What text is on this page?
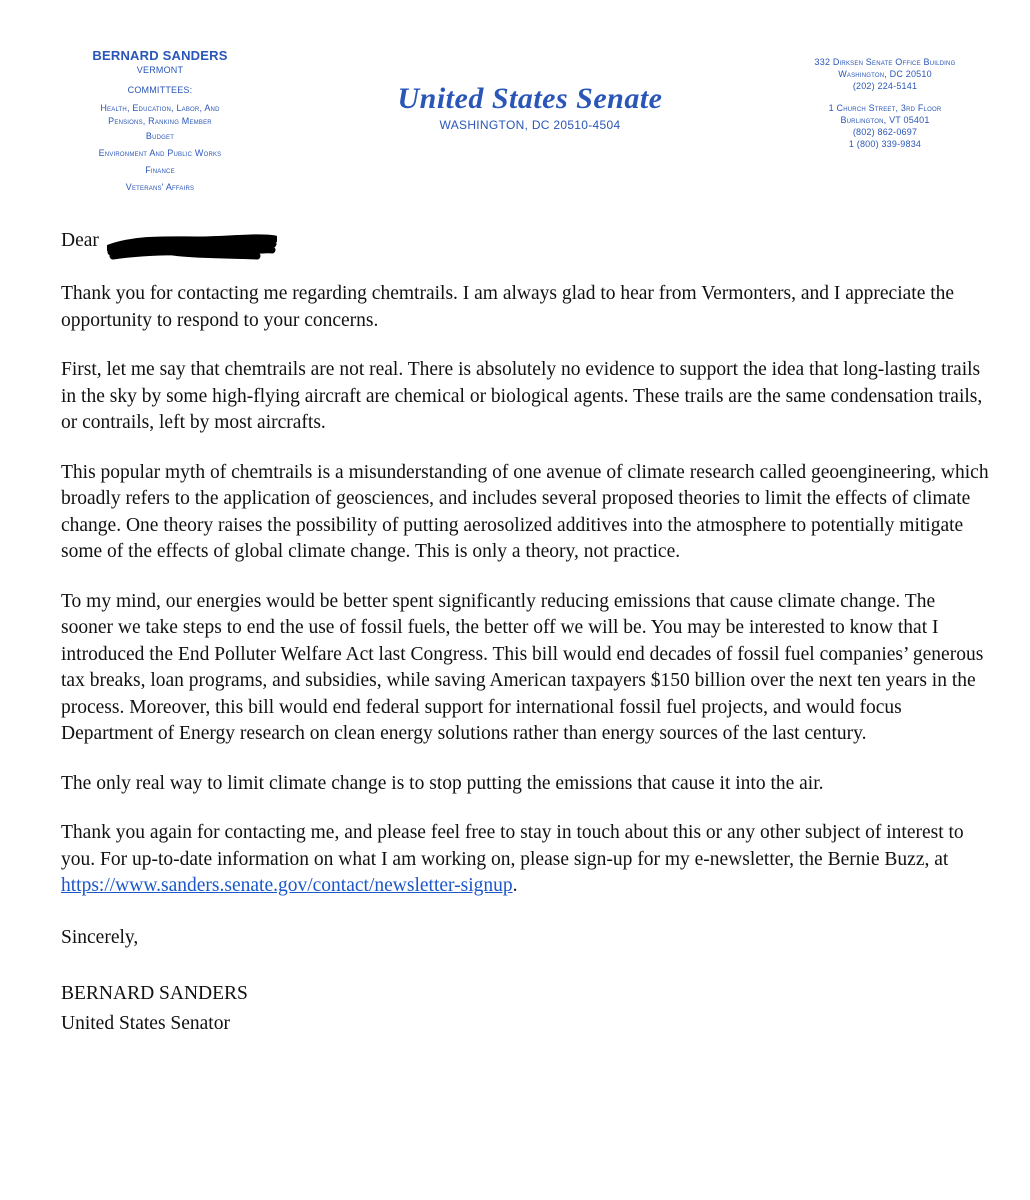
BERNARD SANDERS
VERMONT
COMMITTEES:
Health, Education, Labor, And
Pensions, Ranking Member
Budget
Environment And Public Works
Finance
Veterans' Affairs
United States Senate
WASHINGTON, DC 20510-4504
332 Dirksen Senate Office Building
Washington, DC 20510
(202) 224-5141
1 Church Street, 3rd Floor
Burlington, VT 05401
(802) 862-0697
1 (800) 339-9834
Dear

Thank you for contacting me regarding chemtrails. I am always glad to hear from Vermonters, and I appreciate the opportunity to respond to your concerns.

First, let me say that chemtrails are not real. There is absolutely no evidence to support the idea that long-lasting trails in the sky by some high-flying aircraft are chemical or biological agents. These trails are the same condensation trails, or contrails, left by most aircrafts.

This popular myth of chemtrails is a misunderstanding of one avenue of climate research called geoengineering, which broadly refers to the application of geosciences, and includes several proposed theories to limit the effects of climate change. One theory raises the possibility of putting aerosolized additives into the atmosphere to potentially mitigate some of the effects of global climate change. This is only a theory, not practice.

To my mind, our energies would be better spent significantly reducing emissions that cause climate change. The sooner we take steps to end the use of fossil fuels, the better off we will be. You may be interested to know that I introduced the End Polluter Welfare Act last Congress. This bill would end decades of fossil fuel companies’ generous tax breaks, loan programs, and subsidies, while saving American taxpayers $150 billion over the next ten years in the process. Moreover, this bill would end federal support for international fossil fuel projects, and would focus Department of Energy research on clean energy solutions rather than energy sources of the last century.

The only real way to limit climate change is to stop putting the emissions that cause it into the air.

Thank you again for contacting me, and please feel free to stay in touch about this or any other subject of interest to you. For up-to-date information on what I am working on, please sign-up for my e-newsletter, the Bernie Buzz, at https://www.sanders.senate.gov/contact/newsletter-signup.

Sincerely,
BERNARD SANDERS
United States Senator
